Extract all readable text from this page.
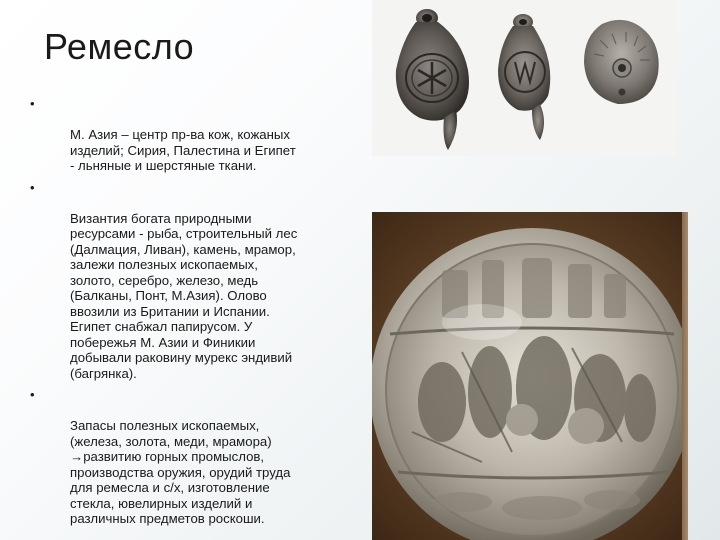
Ремесло

•

М. Азия – центр пр-ва кож, кожаных
изделий; Сирия, Палестина и Египет
- льняные и шерстяные ткани.

•

Византия богата природными
ресурсами - рыба, строительный лес
(Далмация, Ливан), камень, мрамор,
залежи полезных ископаемых,
золото, серебро, железо, медь
(Балканы, Понт, М.Азия). Олово
ввозили из Британии и Испании.
Египет снабжал папирусом. У
побережья М. Азии и Финикии
добывали раковину мурекс эндивий
(багрянка).

•

Запасы полезных ископаемых,
(железа, золота, меди, мрамора)
→развитию горных промыслов,
производства оружия, орудий труда
для ремесла и с/х, изготовление
стекла, ювелирных изделий и
различных предметов роскоши.
